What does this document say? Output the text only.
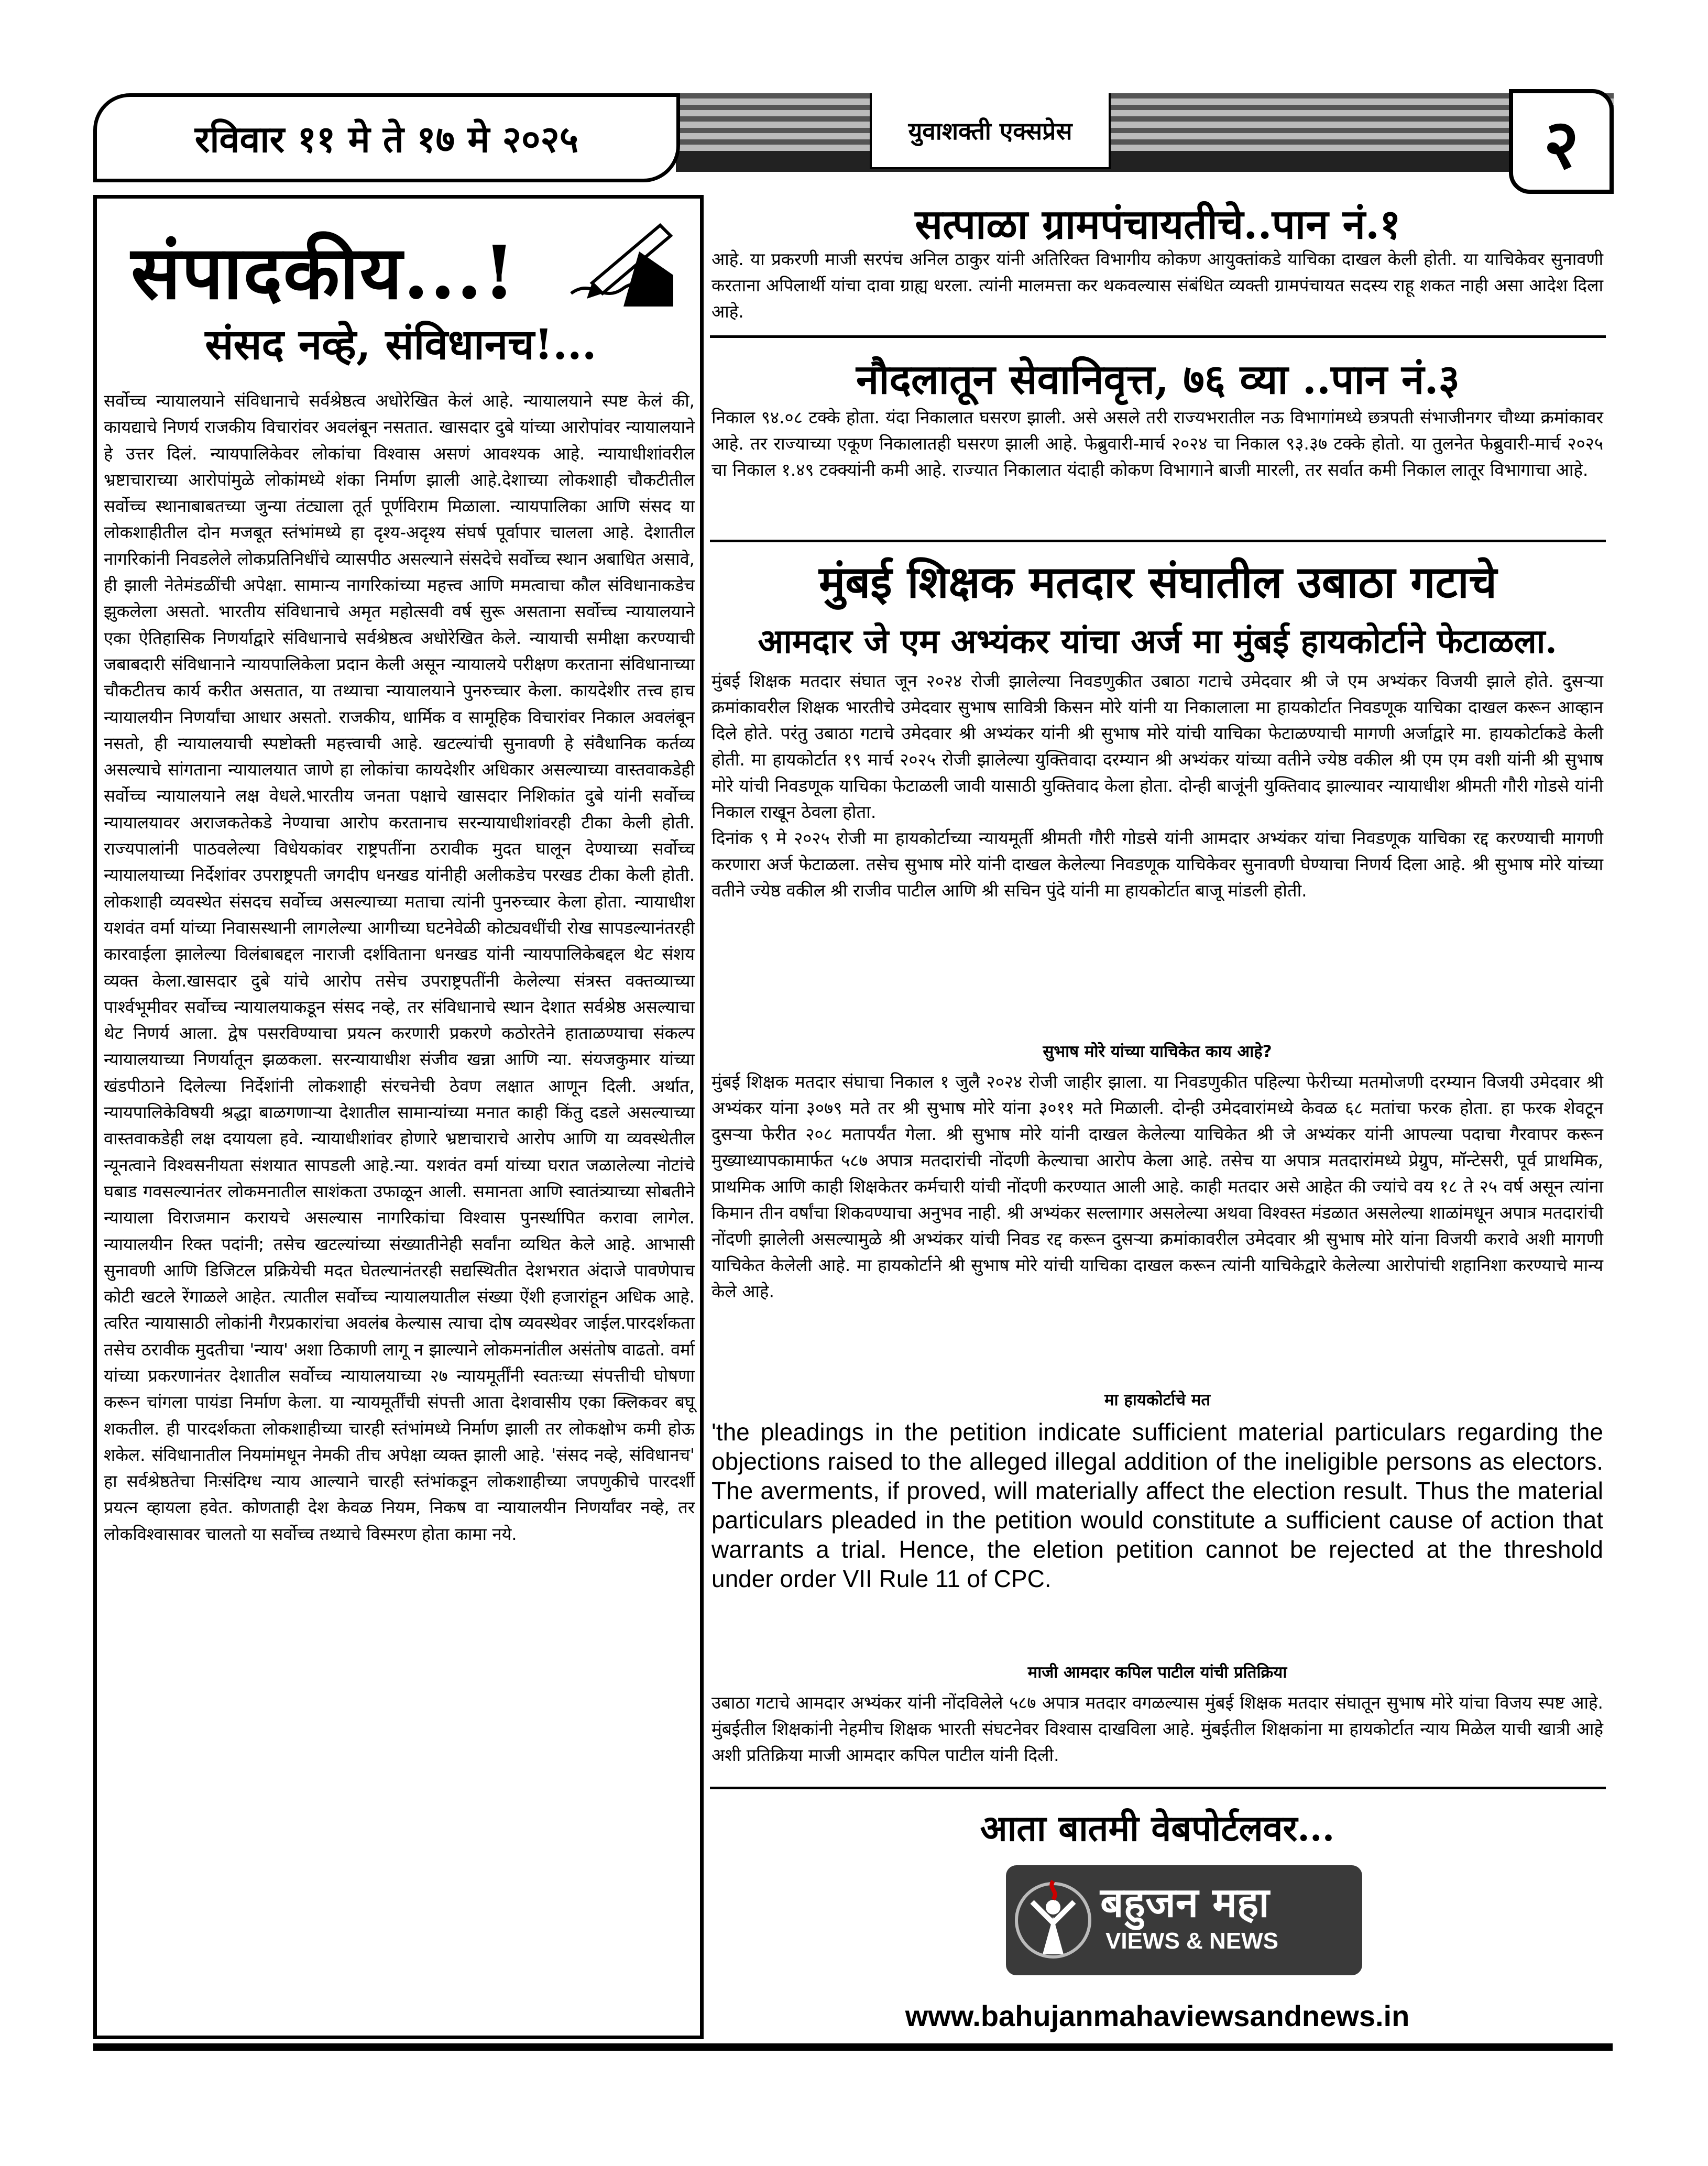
रविवार ११ मे ते १७ मे २०२५	युवाशक्ती एक्सप्रेस	२
संपादकीय...!
संसद नव्हे, संविधानच!...
सर्वोच्च न्यायालयाने संविधानाचे सर्वश्रेष्ठत्व अधोरेखित केलं आहे. न्यायालयाने स्पष्ट केलं की, कायद्याचे निणर्य राजकीय विचारांवर अवलंबून नसतात. खासदार दुबे यांच्या आरोपांवर न्यायालयाने हे उत्तर दिलं. न्यायपालिकेवर लोकांचा विश्वास असणं आवश्यक आहे. न्यायाधीशांवरील भ्रष्टाचाराच्या आरोपांमुळे लोकांमध्ये शंका निर्माण झाली आहे.देशाच्या लोकशाही चौकटीतील सर्वोच्च स्थानाबाबतच्या जुन्या तंट्याला तूर्त पूर्णविराम मिळाला. न्यायपालिका आणि संसद या लोकशाहीतील दोन मजबूत स्तंभांमध्ये हा दृश्य-अदृश्य संघर्ष पूर्वापार चालला आहे. देशातील नागरिकांनी निवडलेले लोकप्रतिनिधींचे व्यासपीठ असल्याने संसदेचे सर्वोच्च स्थान अबाधित असावे, ही झाली नेतेमंडळींची अपेक्षा. सामान्य नागरिकांच्या महत्त्व आणि ममत्वाचा कौल संविधानाकडेच झुकलेला असतो. भारतीय संविधानाचे अमृत महोत्सवी वर्ष सुरू असताना सर्वोच्च न्यायालयाने एका ऐतिहासिक निणर्याद्वारे संविधानाचे सर्वश्रेष्ठत्व अधोरेखित केले. न्यायाची समीक्षा करण्याची जबाबदारी संविधानाने न्यायपालिकेला प्रदान केली असून न्यायालये परीक्षण करताना संविधानाच्या चौकटीतच कार्य करीत असतात, या तथ्याचा न्यायालयाने पुनरुच्चार केला. कायदेशीर तत्त्व हाच न्यायालयीन निणर्यांचा आधार असतो. राजकीय, धार्मिक व सामूहिक विचारांवर निकाल अवलंबून नसतो, ही न्यायालयाची स्पष्टोक्ती महत्त्वाची आहे. खटल्यांची सुनावणी हे संवैधानिक कर्तव्य असल्याचे सांगताना न्यायालयात जाणे हा लोकांचा कायदेशीर अधिकार असल्याच्या वास्तवाकडेही सर्वोच्च न्यायालयाने लक्ष वेधले.भारतीय जनता पक्षाचे खासदार निशिकांत दुबे यांनी सर्वोच्च न्यायालयावर अराजकतेकडे नेण्याचा आरोप करतानाच सरन्यायाधीशांवरही टीका केली होती. राज्यपालांनी पाठवलेल्या विधेयकांवर राष्ट्रपतींना ठरावीक मुदत घालून देण्याच्या सर्वोच्च न्यायालयाच्या निर्देशांवर उपराष्ट्रपती जगदीप धनखड यांनीही अलीकडेच परखड टीका केली होती. लोकशाही व्यवस्थेत संसदच सर्वोच्च असल्याच्या मताचा त्यांनी पुनरुच्चार केला होता. न्यायाधीश यशवंत वर्मा यांच्या निवासस्थानी लागलेल्या आगीच्या घटनेवेळी कोट्यवधींची रोख सापडल्यानंतरही कारवाईला झालेल्या विलंबाबद्दल नाराजी दर्शविताना धनखड यांनी न्यायपालिकेबद्दल थेट संशय व्यक्त केला.खासदार दुबे यांचे आरोप तसेच उपराष्ट्रपतींनी केलेल्या संत्रस्त वक्तव्याच्या पार्श्वभूमीवर सर्वोच्च न्यायालयाकडून संसद नव्हे, तर संविधानाचे स्थान देशात सर्वश्रेष्ठ असल्याचा थेट निणर्य आला. द्वेष पसरविण्याचा प्रयत्न करणारी प्रकरणे कठोरतेने हाताळण्याचा संकल्प न्यायालयाच्या निणर्यातून झळकला. सरन्यायाधीश संजीव खन्ना आणि न्या. संयजकुमार यांच्या खंडपीठाने दिलेल्या निर्देशांनी लोकशाही संरचनेची ठेवण लक्षात आणून दिली. अर्थात, न्यायपालिकेविषयी श्रद्धा बाळगणाऱ्या देशातील सामान्यांच्या मनात काही किंतु दडले असल्याच्या वास्तवाकडेही लक्ष दयायला हवे. न्यायाधीशांवर होणारे भ्रष्टाचाराचे आरोप आणि या व्यवस्थेतील न्यूनत्वाने विश्वसनीयता संशयात सापडली आहे.न्या. यशवंत वर्मा यांच्या घरात जळालेल्या नोटांचे घबाड गवसल्यानंतर लोकमनातील साशंकता उफाळून आली. समानता आणि स्वातंत्र्याच्या सोबतीने न्यायाला विराजमान करायचे असल्यास नागरिकांचा विश्वास पुनर्स्थापित करावा लागेल. न्यायालयीन रिक्त पदांनी; तसेच खटल्यांच्या संख्यातीनेही सर्वांना व्यथित केले आहे. आभासी सुनावणी आणि डिजिटल प्रक्रियेची मदत घेतल्यानंतरही सद्यस्थितीत देशभरात अंदाजे पावणेपाच कोटी खटले रेंगाळले आहेत. त्यातील सर्वोच्च न्यायालयातील संख्या ऐंशी हजारांहून अधिक आहे. त्वरित न्यायासाठी लोकांनी गैरप्रकारांचा अवलंब केल्यास त्याचा दोष व्यवस्थेवर जाईल.पारदर्शकता तसेच ठरावीक मुदतीचा 'न्याय' अशा ठिकाणी लागू न झाल्याने लोकमनांतील असंतोष वाढतो. वर्मा यांच्या प्रकरणानंतर देशातील सर्वोच्च न्यायालयाच्या २७ न्यायमूर्तींनी स्वतःच्या संपत्तीची घोषणा करून चांगला पायंडा निर्माण केला. या न्यायमूर्तींची संपत्ती आता देशवासीय एका क्लिकवर बघू शकतील. ही पारदर्शकता लोकशाहीच्या चारही स्तंभांमध्ये निर्माण झाली तर लोकक्षोभ कमी होऊ शकेल. संविधानातील नियमांमधून नेमकी तीच अपेक्षा व्यक्त झाली आहे. 'संसद नव्हे, संविधानच' हा सर्वश्रेष्ठतेचा निःसंदिग्ध न्याय आल्याने चारही स्तंभांकडून लोकशाहीच्या जपणुकीचे पारदर्शी प्रयत्न व्हायला हवेत. कोणताही देश केवळ नियम, निकष वा न्यायालयीन निणर्यांवर नव्हे, तर लोकविश्वासावर चालतो या सर्वोच्च तथ्याचे विस्मरण होता कामा नये.
सत्पाळा ग्रामपंचायतीचे..पान नं.१
आहे. या प्रकरणी माजी सरपंच अनिल ठाकुर यांनी अतिरिक्त विभागीय कोकण आयुक्तांकडे याचिका दाखल केली होती. या याचिकेवर सुनावणी करताना अपिलार्थी यांचा दावा ग्राह्य धरला. त्यांनी मालमत्ता कर थकवल्यास संबंधित व्यक्ती ग्रामपंचायत सदस्य राहू शकत नाही असा आदेश दिला आहे.
नौदलातून सेवानिवृत्त, ७६ व्या ..पान नं.३
निकाल ९४.०८ टक्के होता. यंदा निकालात घसरण झाली. असे असले तरी राज्यभरातील नऊ विभागांमध्ये छत्रपती संभाजीनगर चौथ्या क्रमांकावर आहे. तर राज्याच्या एकूण निकालातही घसरण झाली आहे. फेब्रुवारी-मार्च २०२४ चा निकाल ९३.३७ टक्के होतो. या तुलनेत फेब्रुवारी-मार्च २०२५ चा निकाल १.४९ टक्क्यांनी कमी आहे. राज्यात निकालात यंदाही कोकण विभागाने बाजी मारली, तर सर्वात कमी निकाल लातूर विभागाचा आहे.
मुंबई शिक्षक मतदार संघातील उबाठा गटाचे
आमदार जे एम अभ्यंकर यांचा अर्ज मा मुंबई हायकोर्टाने फेटाळला.
मुंबई शिक्षक मतदार संघात जून २०२४ रोजी झालेल्या निवडणुकीत उबाठा गटाचे उमेदवार श्री जे एम अभ्यंकर विजयी झाले होते. दुसऱ्या क्रमांकावरील शिक्षक भारतीचे उमेदवार सुभाष सावित्री किसन मोरे यांनी या निकालाला मा हायकोर्टात निवडणूक याचिका दाखल करून आव्हान दिले होते. परंतु उबाठा गटाचे उमेदवार श्री अभ्यंकर यांनी श्री सुभाष मोरे यांची याचिका फेटाळण्याची मागणी अर्जाद्वारे मा. हायकोर्टाकडे केली होती. मा हायकोर्टात १९ मार्च २०२५ रोजी झालेल्या युक्तिवादा दरम्यान श्री अभ्यंकर यांच्या वतीने ज्येष्ठ वकील श्री एम एम वशी यांनी श्री सुभाष मोरे यांची निवडणूक याचिका फेटाळली जावी यासाठी युक्तिवाद केला होता. दोन्ही बाजूंनी युक्तिवाद झाल्यावर न्यायाधीश श्रीमती गौरी गोडसे यांनी निकाल राखून ठेवला होता.
दिनांक ९ मे २०२५ रोजी मा हायकोर्टाच्या न्यायमूर्ती श्रीमती गौरी गोडसे यांनी आमदार अभ्यंकर यांचा निवडणूक याचिका रद्द करण्याची मागणी करणारा अर्ज फेटाळला. तसेच सुभाष मोरे यांनी दाखल केलेल्या निवडणूक याचिकेवर सुनावणी घेण्याचा निणर्य दिला आहे. श्री सुभाष मोरे यांच्या वतीने ज्येष्ठ वकील श्री राजीव पाटील आणि श्री सचिन पुंदे यांनी मा हायकोर्टात बाजू मांडली होती.
सुभाष मोरे यांच्या याचिकेत काय आहे?
मुंबई शिक्षक मतदार संघाचा निकाल १ जुलै २०२४ रोजी जाहीर झाला. या निवडणुकीत पहिल्या फेरीच्या मतमोजणी दरम्यान विजयी उमेदवार श्री अभ्यंकर यांना ३०७९ मते तर श्री सुभाष मोरे यांना ३०११ मते मिळाली. दोन्ही उमेदवारांमध्ये केवळ ६८ मतांचा फरक होता. हा फरक शेवटून दुसऱ्या फेरीत २०८ मतापर्यंत गेला. श्री सुभाष मोरे यांनी दाखल केलेल्या याचिकेत श्री जे अभ्यंकर यांनी आपल्या पदाचा गैरवापर करून मुख्याध्यापकामार्फत ५८७ अपात्र मतदारांची नोंदणी केल्याचा आरोप केला आहे. तसेच या अपात्र मतदारांमध्ये प्रेग्रुप, मॉन्टेसरी, पूर्व प्राथमिक, प्राथमिक आणि काही शिक्षकेतर कर्मचारी यांची नोंदणी करण्यात आली आहे. काही मतदार असे आहेत की ज्यांचे वय १८ ते २५ वर्ष असून त्यांना किमान तीन वर्षांचा शिकवण्याचा अनुभव नाही. श्री अभ्यंकर सल्लागार असलेल्या अथवा विश्वस्त मंडळात असलेल्या शाळांमधून अपात्र मतदारांची नोंदणी झालेली असल्यामुळे श्री अभ्यंकर यांची निवड रद्द करून दुसऱ्या क्रमांकावरील उमेदवार श्री सुभाष मोरे यांना विजयी करावे अशी मागणी याचिकेत केलेली आहे. मा हायकोर्टाने श्री सुभाष मोरे यांची याचिका दाखल करून त्यांनी याचिकेद्वारे केलेल्या आरोपांची शहानिशा करण्याचे मान्य केले आहे.
मा हायकोर्टाचे मत
'the pleadings in the petition indicate sufficient material particulars regarding the objections raised to the alleged illegal addition of the ineligible persons as electors. The averments, if proved, will materially affect the election result. Thus the material particulars pleaded in the petition would constitute a sufficient cause of action that warrants a trial. Hence, the eletion petition cannot be rejected at the threshold under order VII Rule 11 of CPC.
माजी आमदार कपिल पाटील यांची प्रतिक्रिया
उबाठा गटाचे आमदार अभ्यंकर यांनी नोंदविलेले ५८७ अपात्र मतदार वगळल्यास मुंबई शिक्षक मतदार संघातून सुभाष मोरे यांचा विजय स्पष्ट आहे. मुंबईतील शिक्षकांनी नेहमीच शिक्षक भारती संघटनेवर विश्वास दाखविला आहे. मुंबईतील शिक्षकांना मा हायकोर्टात न्याय मिळेल याची खात्री आहे अशी प्रतिक्रिया माजी आमदार कपिल पाटील यांनी दिली.
आता बातमी वेबपोर्टलवर...
बहुजन महा
VIEWS & NEWS
www.bahujanmahaviewsandnews.in
